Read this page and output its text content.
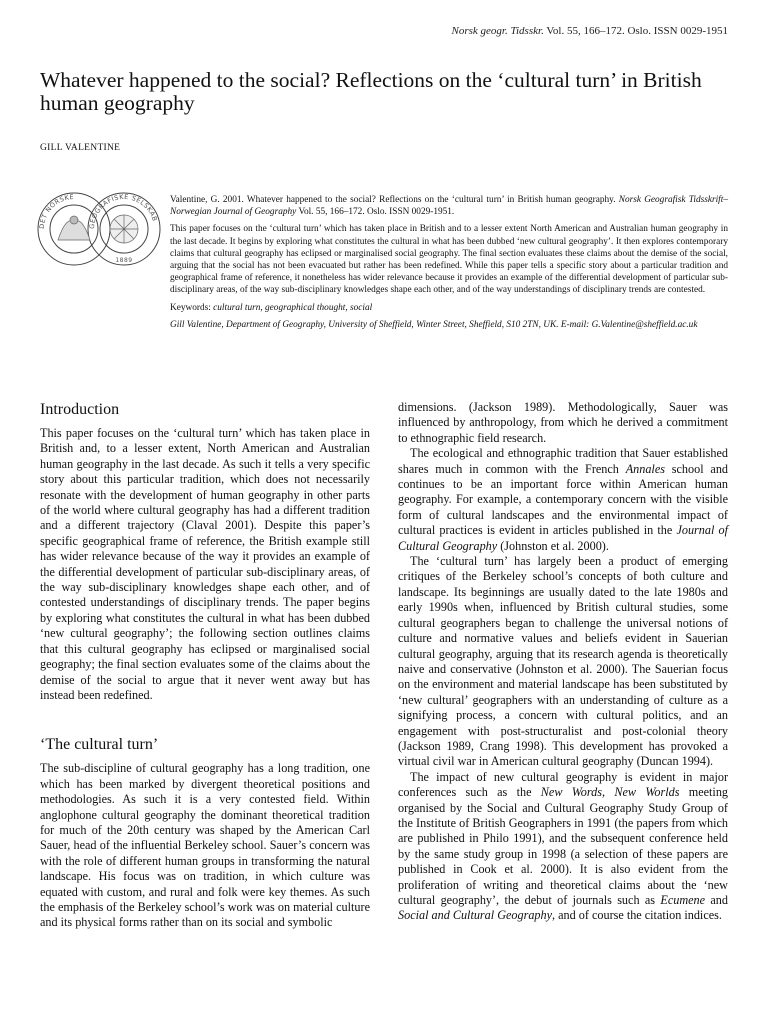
Norsk geogr. Tidsskr. Vol. 55, 166–172. Oslo. ISSN 0029-1951
Whatever happened to the social? Reflections on the ‘cultural turn’ in British human geography
GILL VALENTINE
DET NORSKE
GEOGRAFISKE SELSKAB
1889

Valentine, G. 2001. Whatever happened to the social? Reflections on the ‘cultural turn’ in British human geography. Norsk Geografisk Tidsskrift–Norwegian Journal of Geography Vol. 55, 166–172. Oslo. ISSN 0029-1951.

This paper focuses on the ‘cultural turn’ which has taken place in British and to a lesser extent North American and Australian human geography in the last decade. It begins by exploring what constitutes the cultural in what has been dubbed ‘new cultural geography’. It then explores contemporary claims that cultural geography has eclipsed or marginalised social geography. The final section evaluates these claims about the demise of the social, arguing that the social has not been evacuated but rather has been redefined. While this paper tells a specific story about a particular tradition and geographical frame of reference, it nonetheless has wider relevance because it provides an example of the differential development of particular sub-disciplinary areas, of the way sub-disciplinary knowledges shape each other, and of the way understandings of disciplinary trends are contested.

Keywords: cultural turn, geographical thought, social

Gill Valentine, Department of Geography, University of Sheffield, Winter Street, Sheffield, S10 2TN, UK. E-mail: G.Valentine@sheffield.ac.uk

Introduction

This paper focuses on the ‘cultural turn’ which has taken place in British and, to a lesser extent, North American and Australian human geography in the last decade. As such it tells a very specific story about this particular tradition, which does not necessarily resonate with the development of human geography in other parts of the world where cultural geography has had a different tradition and a different trajectory (Claval 2001). Despite this paper’s specific geographical frame of reference, the British example still has wider relevance because of the way it provides an example of the differential development of particular sub-disciplinary areas, of the way sub-disciplinary knowledges shape each other, and of contested understandings of disciplinary trends. The paper begins by exploring what constitutes the cultural in what has been dubbed ‘new cultural geography’; the following section outlines claims that this cultural geography has eclipsed or marginalised social geography; the final section evaluates some of the claims about the demise of the social to argue that it never went away but has instead been redefined.

‘The cultural turn’

The sub-discipline of cultural geography has a long tradition, one which has been marked by divergent theoretical positions and methodologies. As such it is a very contested field. Within anglophone cultural geography the dominant theoretical tradition for much of the 20th century was shaped by the American Carl Sauer, head of the influential Berkeley school. Sauer’s concern was with the role of different human groups in transforming the natural landscape. His focus was on tradition, in which culture was equated with custom, and rural and folk were key themes. As such the emphasis of the Berkeley school’s work was on material culture and its physical forms rather than on its social and symbolic

dimensions. (Jackson 1989). Methodologically, Sauer was influenced by anthropology, from which he derived a commitment to ethnographic field research.

The ecological and ethnographic tradition that Sauer established shares much in common with the French Annales school and continues to be an important force within American human geography. For example, a contemporary concern with the visible form of cultural landscapes and the environmental impact of cultural practices is evident in articles published in the Journal of Cultural Geography (Johnston et al. 2000).

The ‘cultural turn’ has largely been a product of emerging critiques of the Berkeley school’s concepts of both culture and landscape. Its beginnings are usually dated to the late 1980s and early 1990s when, influenced by British cultural studies, some cultural geographers began to challenge the universal notions of culture and normative values and beliefs evident in Sauerian cultural geography, arguing that its research agenda is theoretically naive and conservative (Johnston et al. 2000). The Sauerian focus on the environment and material landscape has been substituted by ‘new cultural’ geographers with an understanding of culture as a signifying process, a concern with cultural politics, and an engagement with post-structuralist and post-colonial theory (Jackson 1989, Crang 1998). This development has provoked a virtual civil war in American cultural geography (Duncan 1994).

The impact of new cultural geography is evident in major conferences such as the New Words, New Worlds meeting organised by the Social and Cultural Geography Study Group of the Institute of British Geographers in 1991 (the papers from which are published in Philo 1991), and the subsequent conference held by the same study group in 1998 (a selection of these papers are published in Cook et al. 2000). It is also evident from the proliferation of writing and theoretical claims about the ‘new cultural geography’, the debut of journals such as Ecumene and Social and Cultural Geography, and of course the citation indices.
